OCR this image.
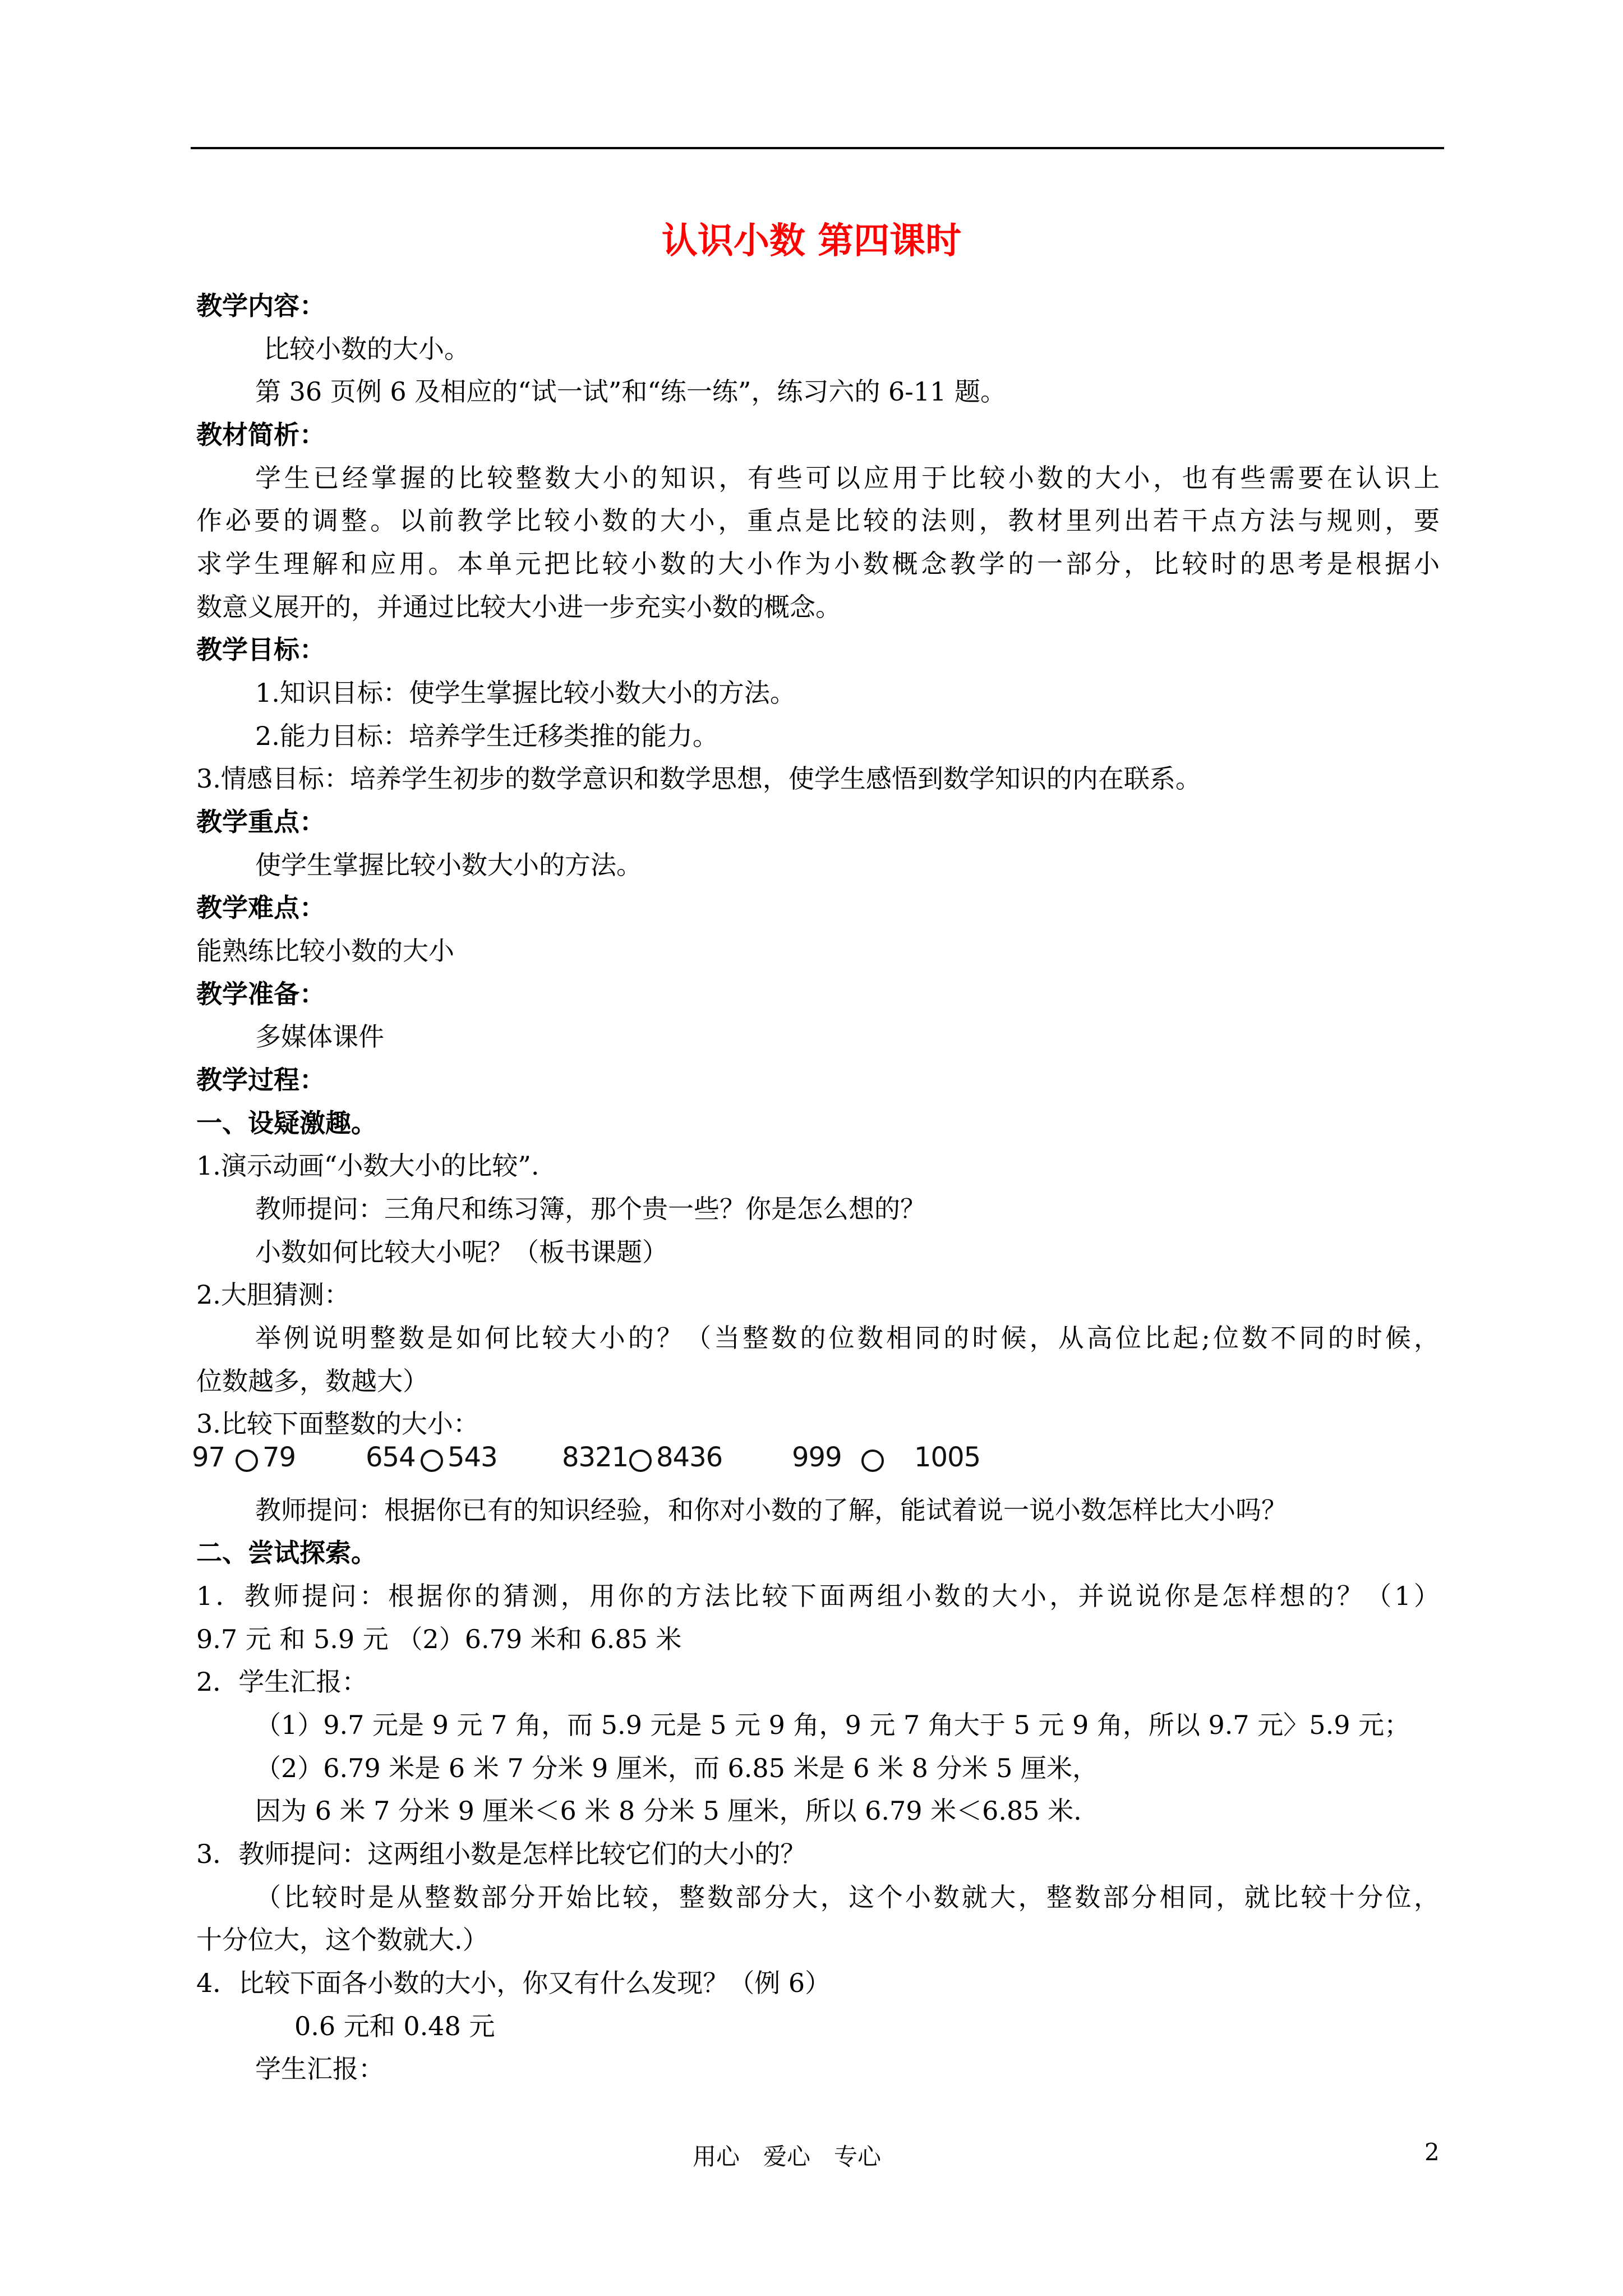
认识小数 第四课时
教学内容：
比较小数的大小。
第 36 页例 6 及相应的“试一试”和“练一练”，练习六的 6-11 题。
教材简析：
学生已经掌握的比较整数大小的知识，有些可以应用于比较小数的大小，也有些需要在认识上
作必要的调整。以前教学比较小数的大小，重点是比较的法则，教材里列出若干点方法与规则，要
求学生理解和应用。本单元把比较小数的大小作为小数概念教学的一部分，比较时的思考是根据小
数意义展开的，并通过比较大小进一步充实小数的概念。
教学目标：
1.知识目标：使学生掌握比较小数大小的方法。
2.能力目标：培养学生迁移类推的能力。
3.情感目标：培养学生初步的数学意识和数学思想，使学生感悟到数学知识的内在联系。
教学重点：
使学生掌握比较小数大小的方法。
教学难点：
能熟练比较小数的大小
教学准备：
多媒体课件
教学过程：
一、设疑激趣。
1.演示动画“小数大小的比较”.
教师提问：三角尺和练习簿，那个贵一些？你是怎么想的？
小数如何比较大小呢？（板书课题）
2.大胆猜测：
举例说明整数是如何比较大小的？（当整数的位数相同的时候，从高位比起;位数不同的时候，
位数越多，数越大）
3.比较下面整数的大小：
97 79	654 543 8321 8436	999	1005
教师提问：根据你已有的知识经验，和你对小数的了解，能试着说一说小数怎样比大小吗？
二、尝试探索。
1．教师提问：根据你的猜测，用你的方法比较下面两组小数的大小，并说说你是怎样想的？（1）
9.7 元 和 5.9 元 （2）6.79 米和 6.85 米
2．学生汇报：
（1）9.7 元是 9 元 7 角，而 5.9 元是 5 元 9 角，9 元 7 角大于 5 元 9 角，所以 9.7 元〉5.9 元；
（2）6.79 米是 6 米 7 分米 9 厘米，而 6.85 米是 6 米 8 分米 5 厘米，
因为 6 米 7 分米 9 厘米＜6 米 8 分米 5 厘米，所以 6.79 米＜6.85 米.
3．教师提问：这两组小数是怎样比较它们的大小的？
（比较时是从整数部分开始比较，整数部分大，这个小数就大，整数部分相同，就比较十分位，
十分位大，这个数就大.）
4．比较下面各小数的大小，你又有什么发现？（例 6）
0.6 元和 0.48 元
学生汇报：
用心　爱心　专心	2
